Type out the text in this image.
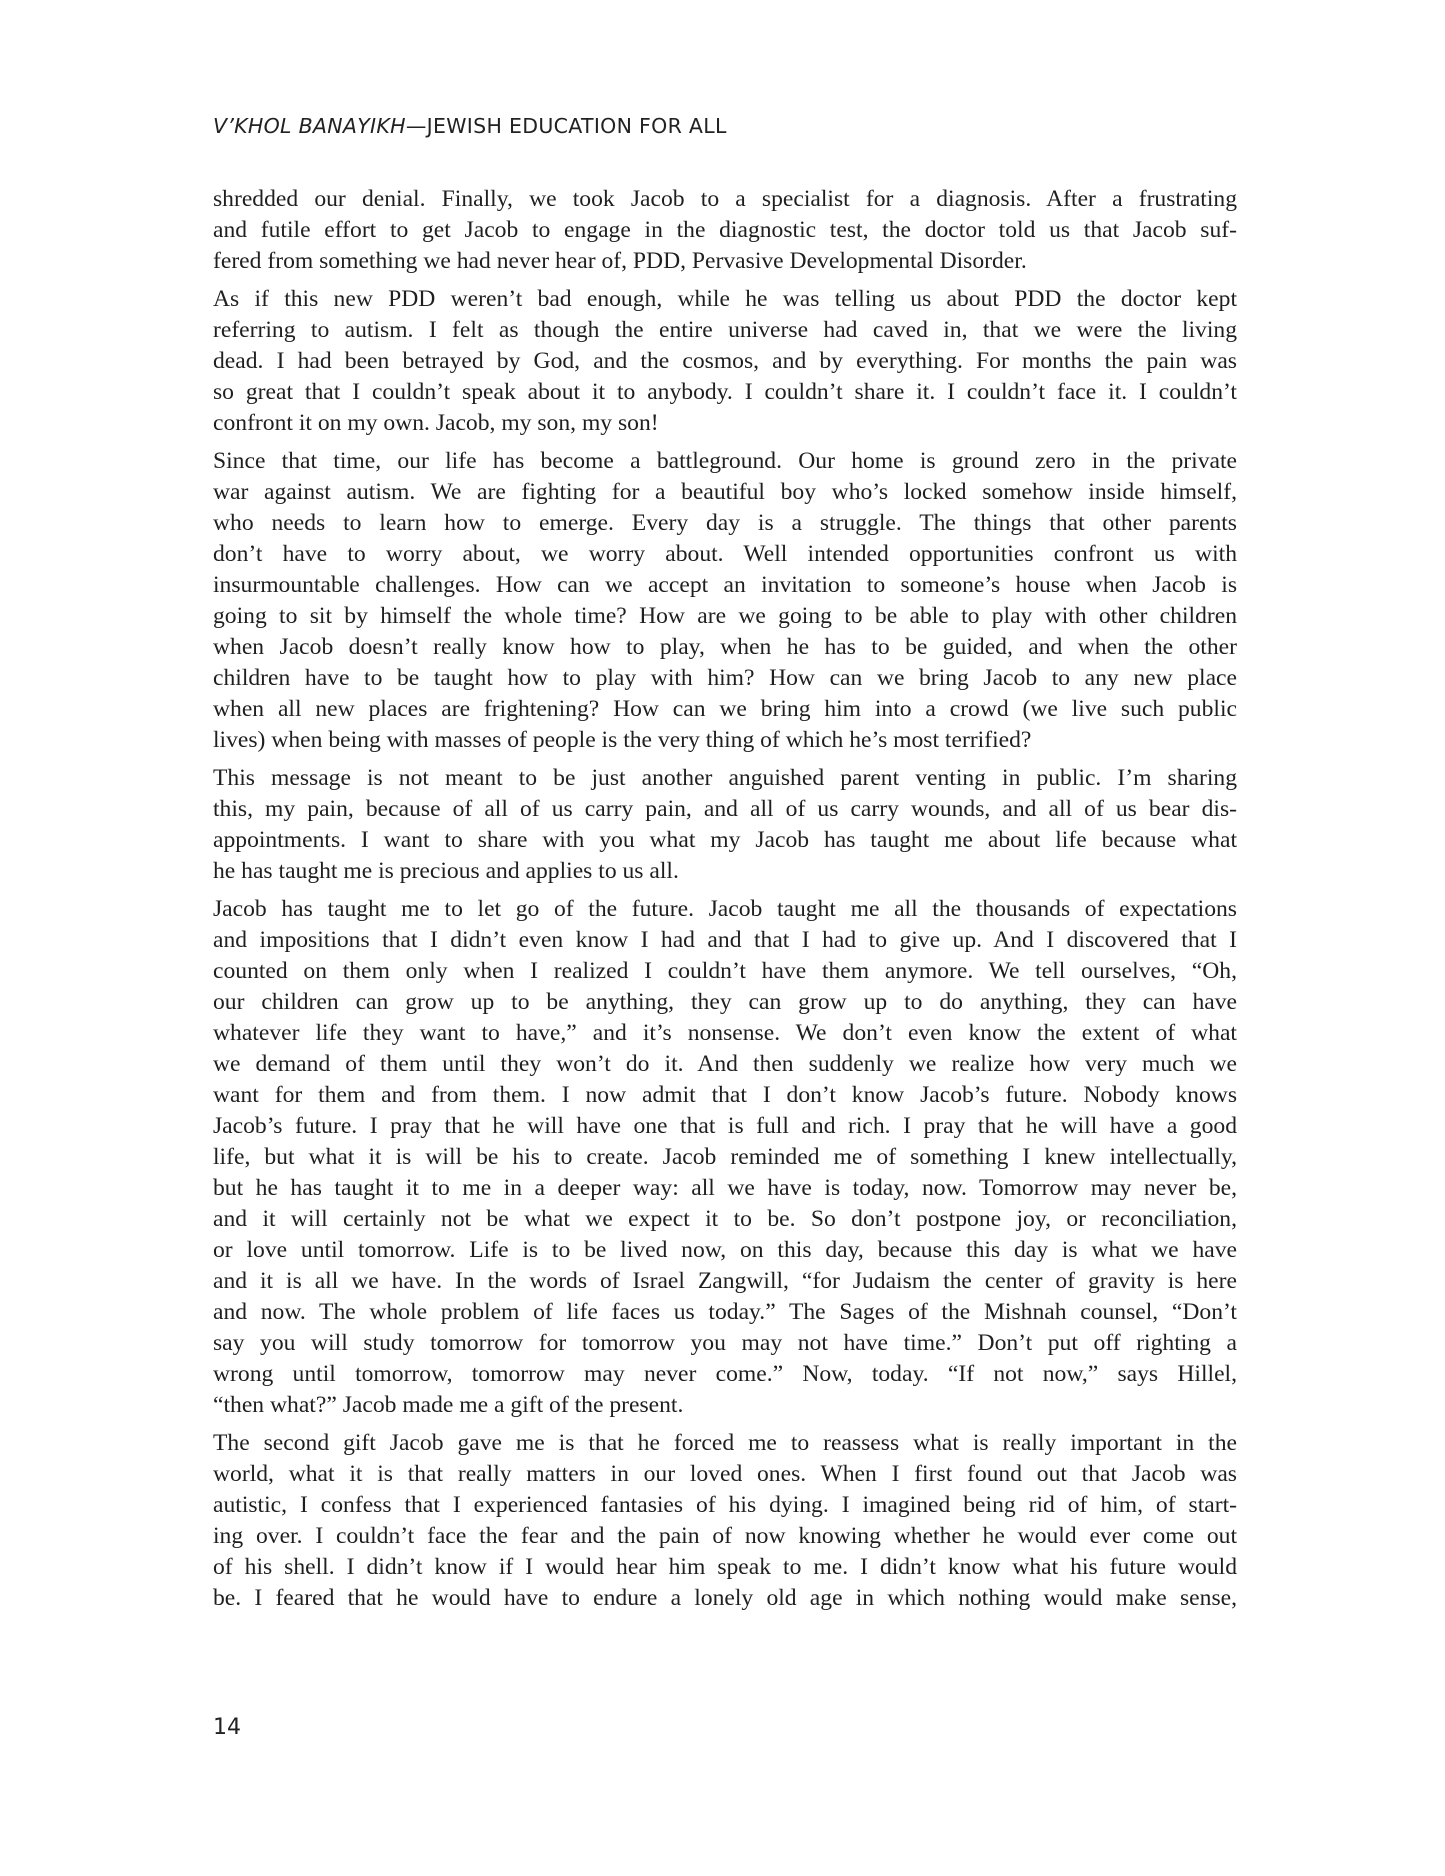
V’KHOL BANAYIKH—JEWISH EDUCATION FOR ALL
shredded our denial. Finally, we took Jacob to a specialist for a diagnosis. After a frustrating
and futile effort to get Jacob to engage in the diagnostic test, the doctor told us that Jacob suf-
fered from something we had never hear of, PDD, Pervasive Developmental Disorder.
As if this new PDD weren’t bad enough, while he was telling us about PDD the doctor kept
referring to autism. I felt as though the entire universe had caved in, that we were the living
dead. I had been betrayed by God, and the cosmos, and by everything. For months the pain was
so great that I couldn’t speak about it to anybody. I couldn’t share it. I couldn’t face it. I couldn’t
confront it on my own. Jacob, my son, my son!
Since that time, our life has become a battleground. Our home is ground zero in the private
war against autism. We are fighting for a beautiful boy who’s locked somehow inside himself,
who needs to learn how to emerge. Every day is a struggle. The things that other parents
don’t have to worry about, we worry about. Well intended opportunities confront us with
insurmountable challenges. How can we accept an invitation to someone’s house when Jacob is
going to sit by himself the whole time? How are we going to be able to play with other children
when Jacob doesn’t really know how to play, when he has to be guided, and when the other
children have to be taught how to play with him? How can we bring Jacob to any new place
when all new places are frightening? How can we bring him into a crowd (we live such public
lives) when being with masses of people is the very thing of which he’s most terrified?
This message is not meant to be just another anguished parent venting in public. I’m sharing
this, my pain, because of all of us carry pain, and all of us carry wounds, and all of us bear dis-
appointments. I want to share with you what my Jacob has taught me about life because what
he has taught me is precious and applies to us all.
Jacob has taught me to let go of the future. Jacob taught me all the thousands of expectations
and impositions that I didn’t even know I had and that I had to give up. And I discovered that I
counted on them only when I realized I couldn’t have them anymore. We tell ourselves, “Oh,
our children can grow up to be anything, they can grow up to do anything, they can have
whatever life they want to have,” and it’s nonsense. We don’t even know the extent of what
we demand of them until they won’t do it. And then suddenly we realize how very much we
want for them and from them. I now admit that I don’t know Jacob’s future. Nobody knows
Jacob’s future. I pray that he will have one that is full and rich. I pray that he will have a good
life, but what it is will be his to create. Jacob reminded me of something I knew intellectually,
but he has taught it to me in a deeper way: all we have is today, now. Tomorrow may never be,
and it will certainly not be what we expect it to be. So don’t postpone joy, or reconciliation,
or love until tomorrow. Life is to be lived now, on this day, because this day is what we have
and it is all we have. In the words of Israel Zangwill, “for Judaism the center of gravity is here
and now. The whole problem of life faces us today.” The Sages of the Mishnah counsel, “Don’t
say you will study tomorrow for tomorrow you may not have time.” Don’t put off righting a
wrong until tomorrow, tomorrow may never come.” Now, today. “If not now,” says Hillel,
“then what?” Jacob made me a gift of the present.
The second gift Jacob gave me is that he forced me to reassess what is really important in the
world, what it is that really matters in our loved ones. When I first found out that Jacob was
autistic, I confess that I experienced fantasies of his dying. I imagined being rid of him, of start-
ing over. I couldn’t face the fear and the pain of now knowing whether he would ever come out
of his shell. I didn’t know if I would hear him speak to me. I didn’t know what his future would
be. I feared that he would have to endure a lonely old age in which nothing would make sense,
14
